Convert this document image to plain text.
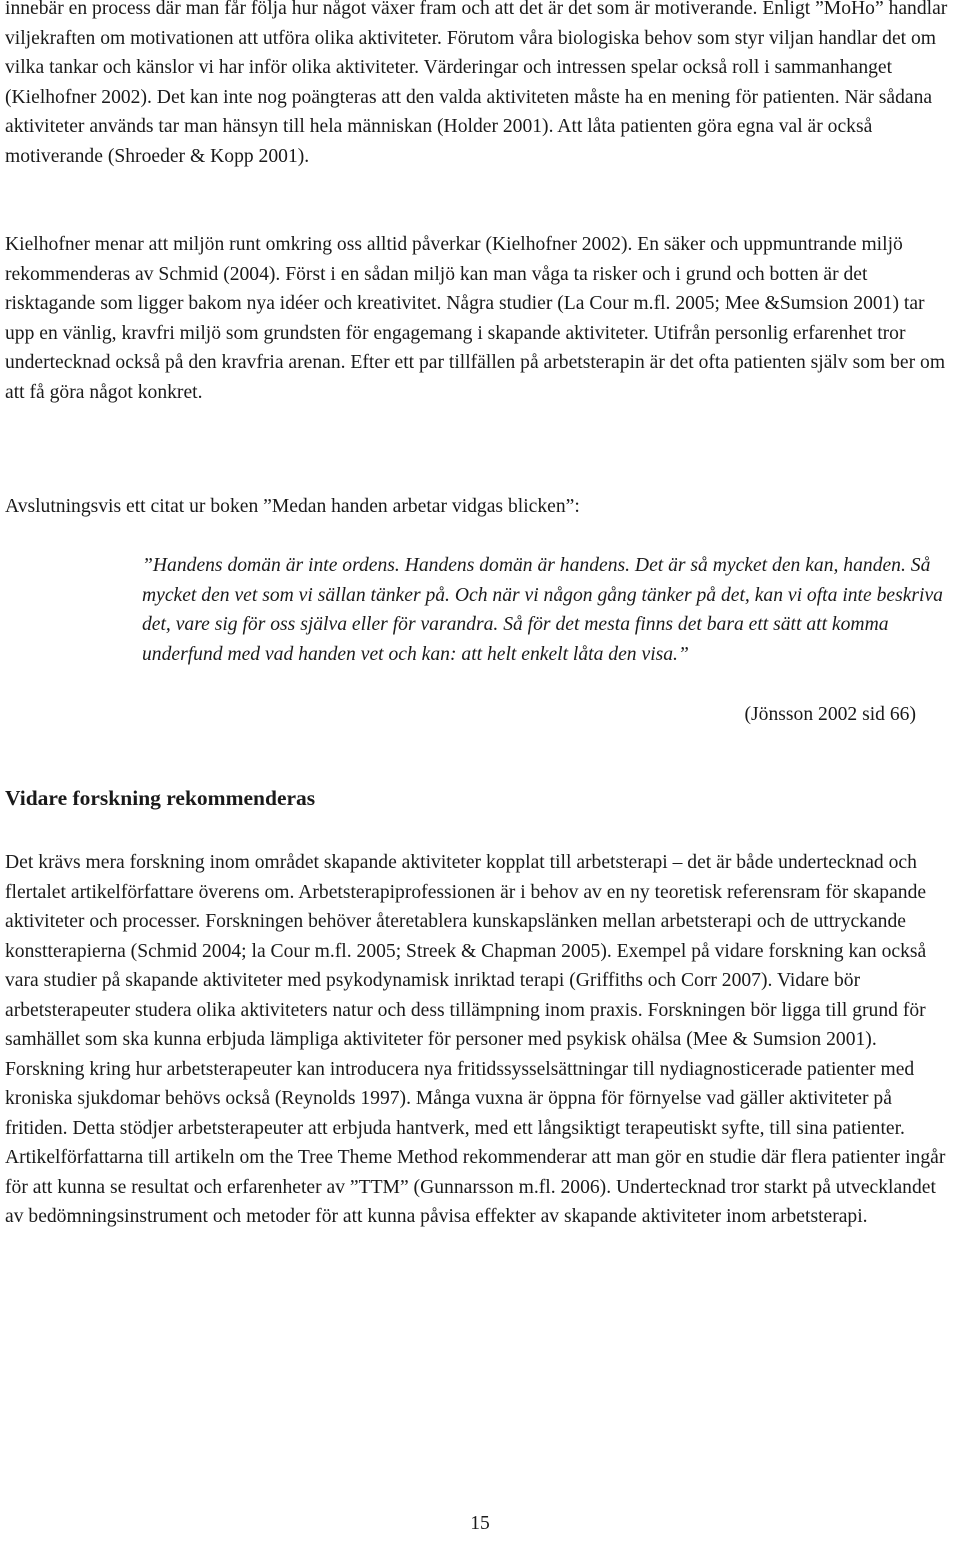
innebär en process där man får följa hur något växer fram och att det är det som är motiverande. Enligt ”MoHo” handlar viljekraften om motivationen att utföra olika aktiviteter. Förutom våra biologiska behov som styr viljan handlar det om vilka tankar och känslor vi har inför olika aktiviteter. Värderingar och intressen spelar också roll i sammanhanget (Kielhofner 2002). Det kan inte nog poängteras att den valda aktiviteten måste ha en mening för patienten. När sådana aktiviteter används tar man hänsyn till hela människan (Holder 2001). Att låta patienten göra egna val är också motiverande (Shroeder & Kopp 2001).

Kielhofner menar att miljön runt omkring oss alltid påverkar (Kielhofner 2002). En säker och uppmuntrande miljö rekommenderas av Schmid (2004). Först i en sådan miljö kan man våga ta risker och i grund och botten är det risktagande som ligger bakom nya idéer och kreativitet. Några studier (La Cour m.fl. 2005; Mee &Sumsion 2001) tar upp en vänlig, kravfri miljö som grundsten för engagemang i skapande aktiviteter. Utifrån personlig erfarenhet tror undertecknad också på den kravfria arenan. Efter ett par tillfällen på arbetsterapin är det ofta patienten själv som ber om att få göra något konkret.

Avslutningsvis ett citat ur boken ”Medan handen arbetar vidgas blicken”:

”Handens domän är inte ordens. Handens domän är handens. Det är så mycket den kan, handen. Så mycket den vet som vi sällan tänker på. Och när vi någon gång tänker på det, kan vi ofta inte beskriva det, vare sig för oss själva eller för varandra. Så för det mesta finns det bara ett sätt att komma underfund med vad handen vet och kan: att helt enkelt låta den visa.”

(Jönsson 2002 sid 66)
Vidare forskning rekommenderas

Det krävs mera forskning inom området skapande aktiviteter kopplat till arbetsterapi – det är både undertecknad och flertalet artikelförfattare överens om. Arbetsterapiprofessionen är i behov av en ny teoretisk referensram för skapande aktiviteter och processer. Forskningen behöver återetablera kunskapslänken mellan arbetsterapi och de uttryckande konstterapierna (Schmid 2004; la Cour m.fl. 2005; Streek & Chapman 2005). Exempel på vidare forskning kan också vara studier på skapande aktiviteter med psykodynamisk inriktad terapi (Griffiths och Corr 2007). Vidare bör arbetsterapeuter studera olika aktiviteters natur och dess tillämpning inom praxis. Forskningen bör ligga till grund för samhället som ska kunna erbjuda lämpliga aktiviteter för personer med psykisk ohälsa (Mee & Sumsion 2001). Forskning kring hur arbetsterapeuter kan introducera nya fritidssysselsättningar till nydiagnosticerade patienter med kroniska sjukdomar behövs också (Reynolds 1997). Många vuxna är öppna för förnyelse vad gäller aktiviteter på fritiden. Detta stödjer arbetsterapeuter att erbjuda hantverk, med ett långsiktigt terapeutiskt syfte, till sina patienter. Artikelförfattarna till artikeln om the Tree Theme Method rekommenderar att man gör en studie där flera patienter ingår för att kunna se resultat och erfarenheter av ”TTM” (Gunnarsson m.fl. 2006). Undertecknad tror starkt på utvecklandet av bedömningsinstrument och metoder för att kunna påvisa effekter av skapande aktiviteter inom arbetsterapi.

15
